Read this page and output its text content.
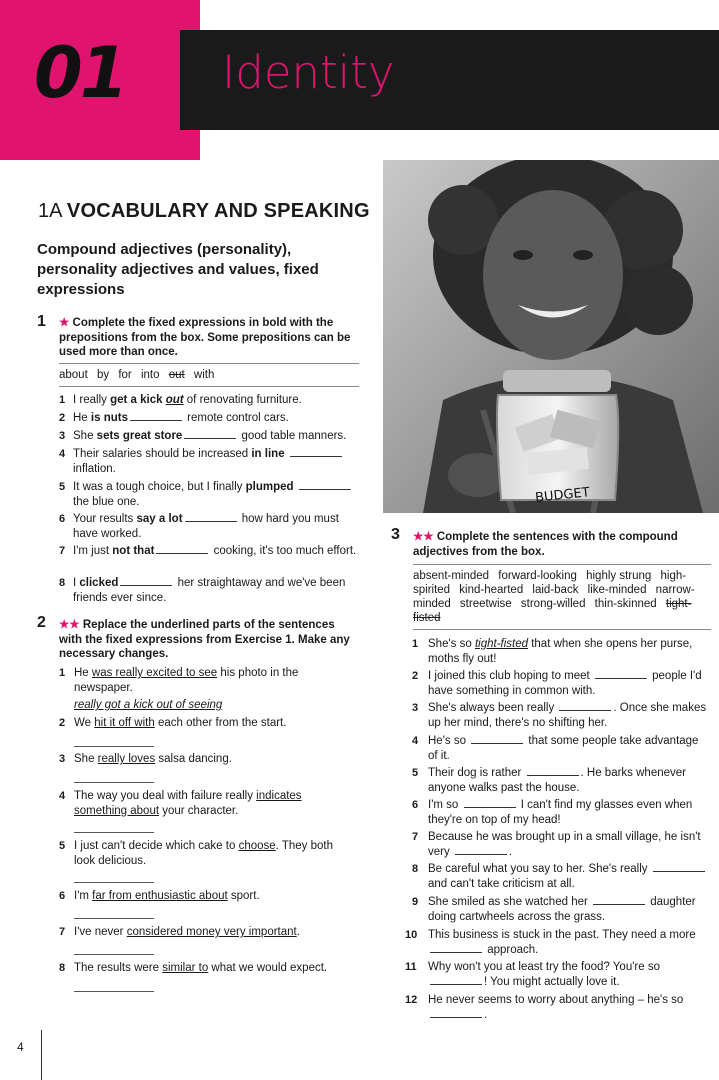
01 Identity
BUDGET
1A VOCABULARY AND SPEAKING
Compound adjectives (personality), personality adjectives and values, fixed expressions
1 ★ Complete the fixed expressions in bold with the prepositions from the box. Some prepositions can be used more than once.
about by for into out with
1 I really get a kick out of renovating furniture.
2 He is nuts	remote control cars.
3 She sets great store	good table manners.
4 Their salaries should be increased in line
inflation.
5 It was a tough choice, but I finally plumped
the blue one.
6 Your results say a lot	how hard you must have worked.
7 I'm just not that	cooking, it's too much effort.
8 I clicked	her straightaway and we've been friends ever since.
2 ★★ Replace the underlined parts of the sentences with the fixed expressions from Exercise 1. Make any necessary changes.
1 He was really excited to see his photo in the newspaper.
really got a kick out of seeing
2 We hit it off with each other from the start.
3 She really loves salsa dancing.
4 The way you deal with failure really indicates something about your character.
5 I just can't decide which cake to choose. They both look delicious.
6 I'm far from enthusiastic about sport.
7 I've never considered money very important.
8 The results were similar to what we would expect.
3 ★★ Complete the sentences with the compound adjectives from the box.
absent-minded forward-looking highly strung high-spirited kind-hearted laid-back like-minded narrow-minded streetwise strong-willed thin-skinned tight-fisted
1 She's so tight-fisted that when she opens her purse, moths fly out!
2 I joined this club hoping to meet	people I'd have something in common with.
3 She's always been really	. Once she makes up her mind, there's no shifting her.
4 He's so	that some people take advantage of it.
5 Their dog is rather	. He barks whenever anyone walks past the house.
6 I'm so	I can't find my glasses even when they're on top of my head!
7 Because he was brought up in a small village, he isn't very	.
8 Be careful what you say to her. She's really  and can't take criticism at all.
9 She smiled as she watched her	daughter doing cartwheels across the grass.
10 This business is stuck in the past. They need a more  approach.
11 Why won't you at least try the food? You're so ! You might actually love it.
12 He never seems to worry about anything – he's so .
4
